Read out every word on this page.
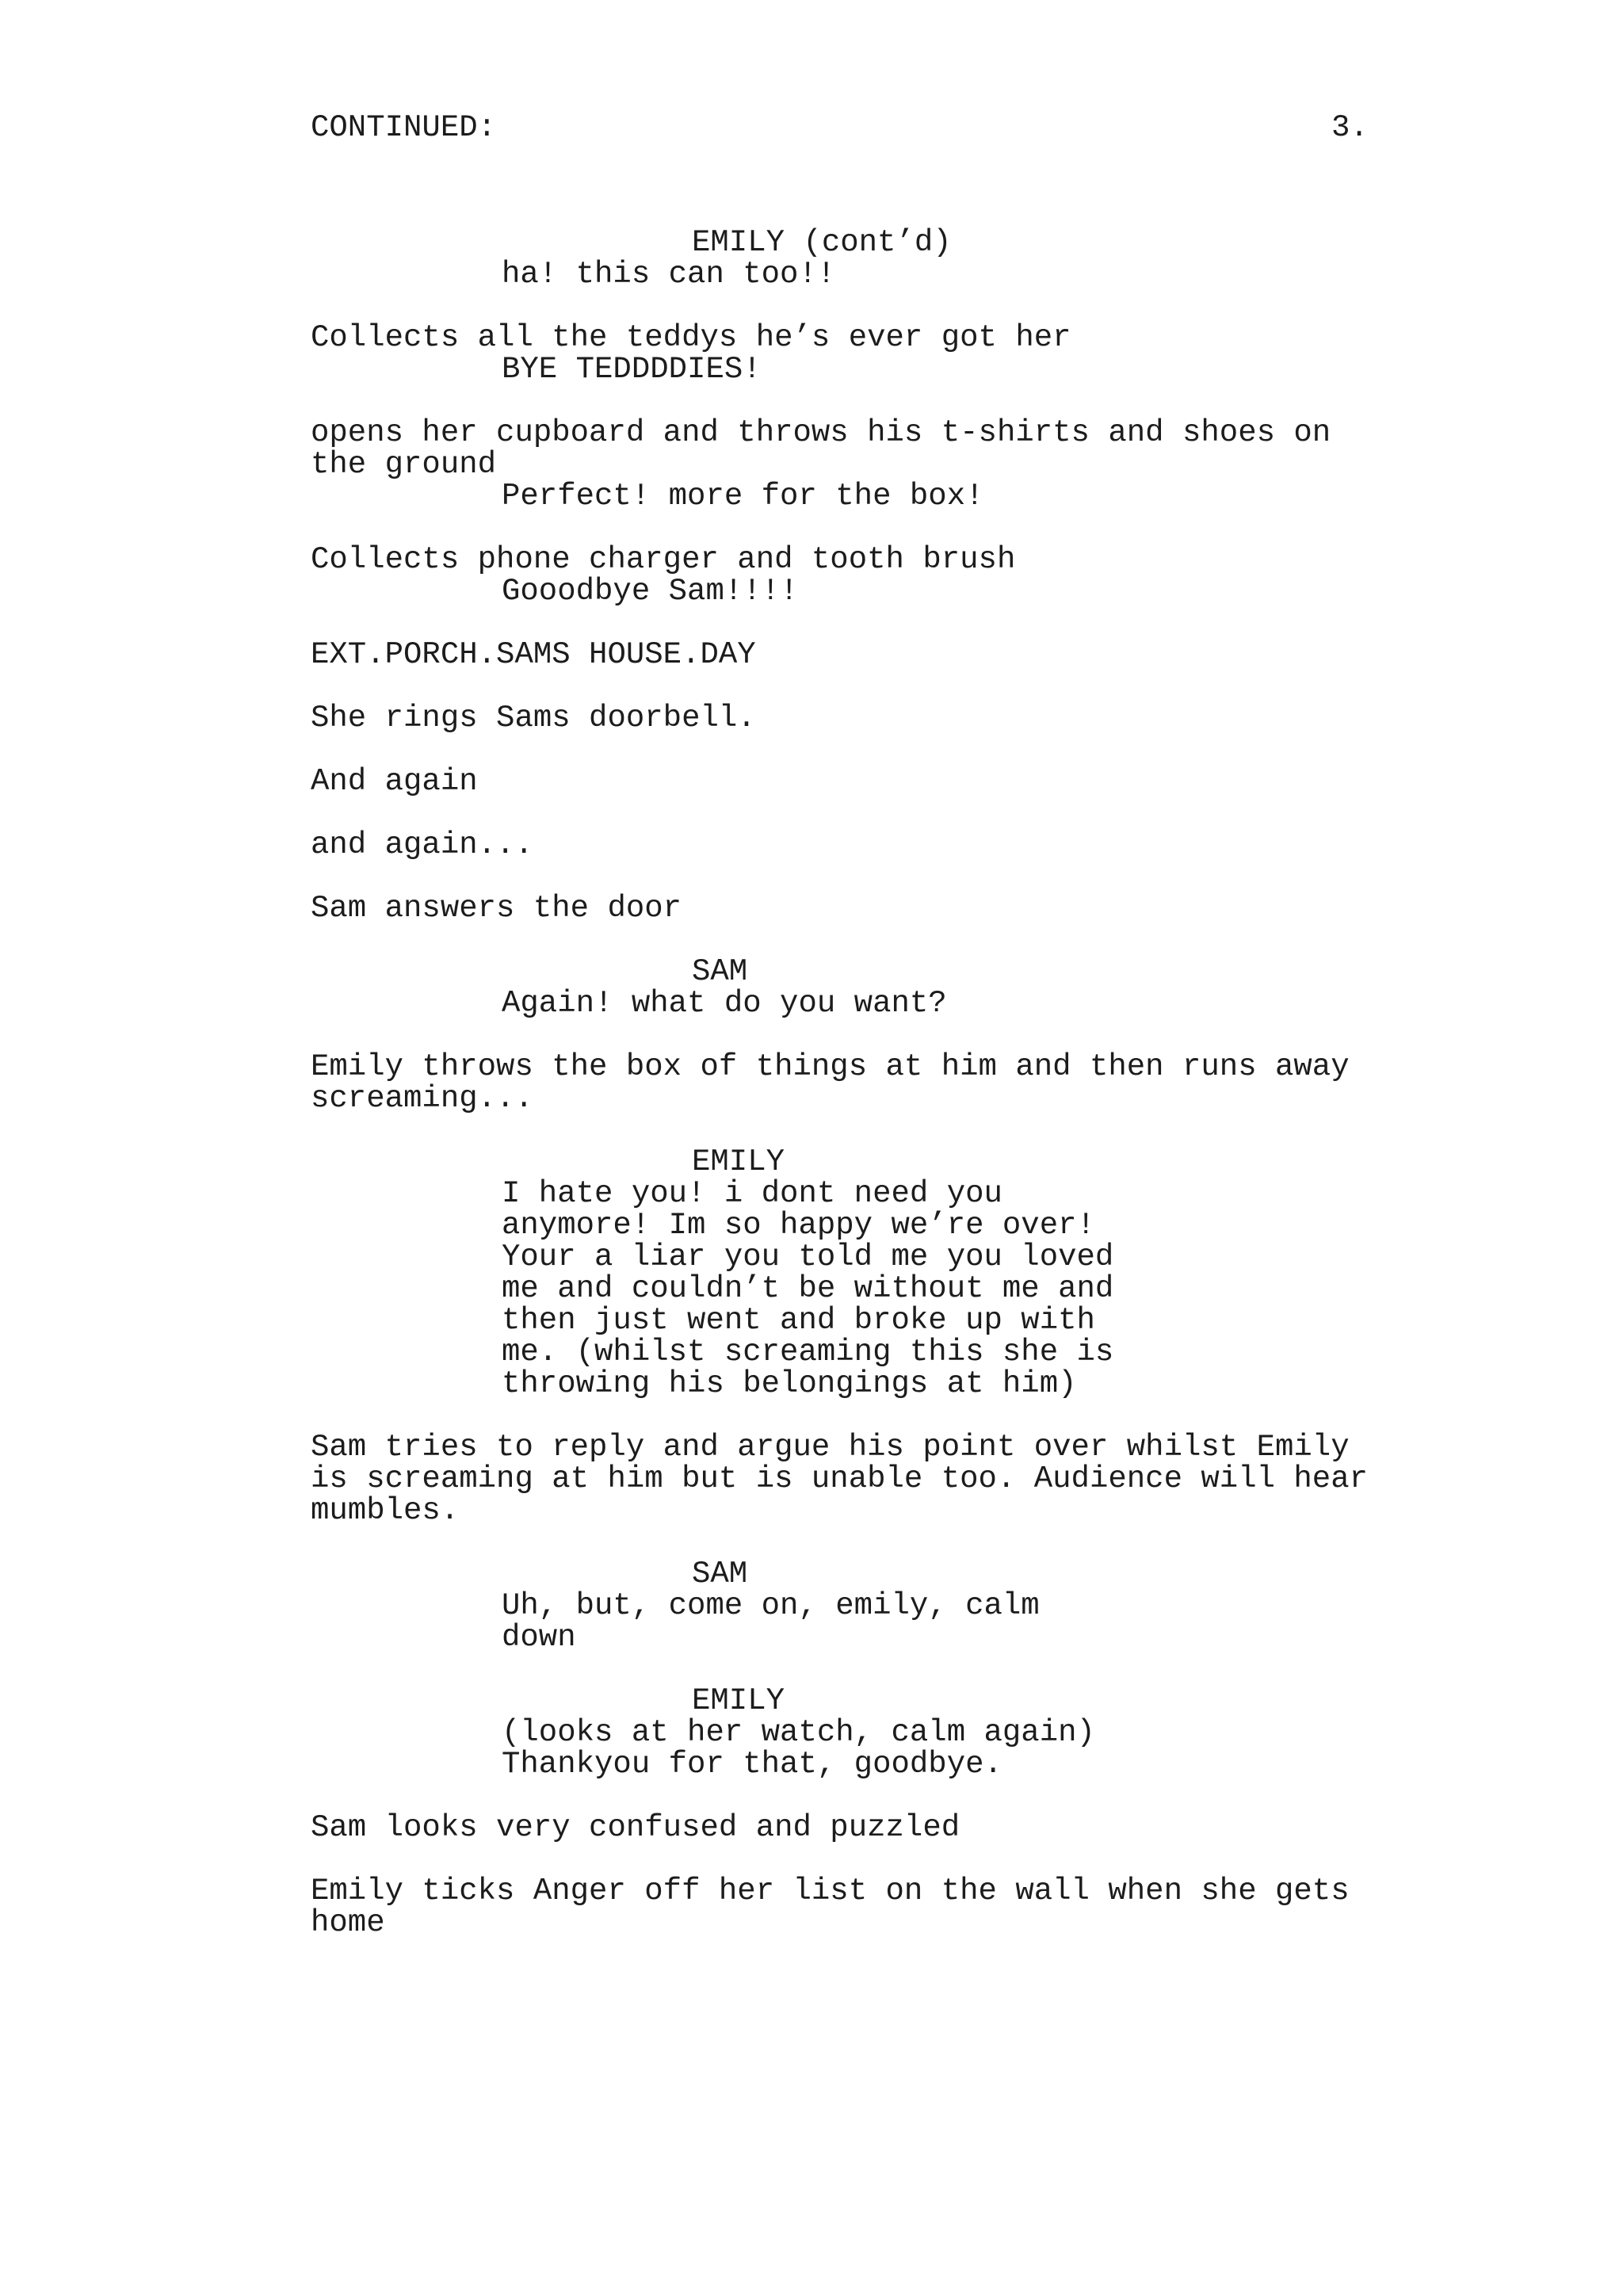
CONTINUED:	3.
EMILY (cont’d)
ha! this can too!!
Collects all the teddys he’s ever got her
BYE TEDDDDIES!
opens her cupboard and throws his t-shirts and shoes on
the ground
Perfect! more for the box!
Collects phone charger and tooth brush
Gooodbye Sam!!!!
EXT.PORCH.SAMS HOUSE.DAY
She rings Sams doorbell.
And again
and again...
Sam answers the door
SAM
Again! what do you want?
Emily throws the box of things at him and then runs away
screaming...
EMILY
I hate you! i dont need you
anymore! Im so happy we’re over!
Your a liar you told me you loved
me and couldn’t be without me and
then just went and broke up with
me. (whilst screaming this she is
throwing his belongings at him)
Sam tries to reply and argue his point over whilst Emily
is screaming at him but is unable too. Audience will hear
mumbles.
SAM
Uh, but, come on, emily, calm
down
EMILY
(looks at her watch, calm again)
Thankyou for that, goodbye.
Sam looks very confused and puzzled
Emily ticks Anger off her list on the wall when she gets
home
